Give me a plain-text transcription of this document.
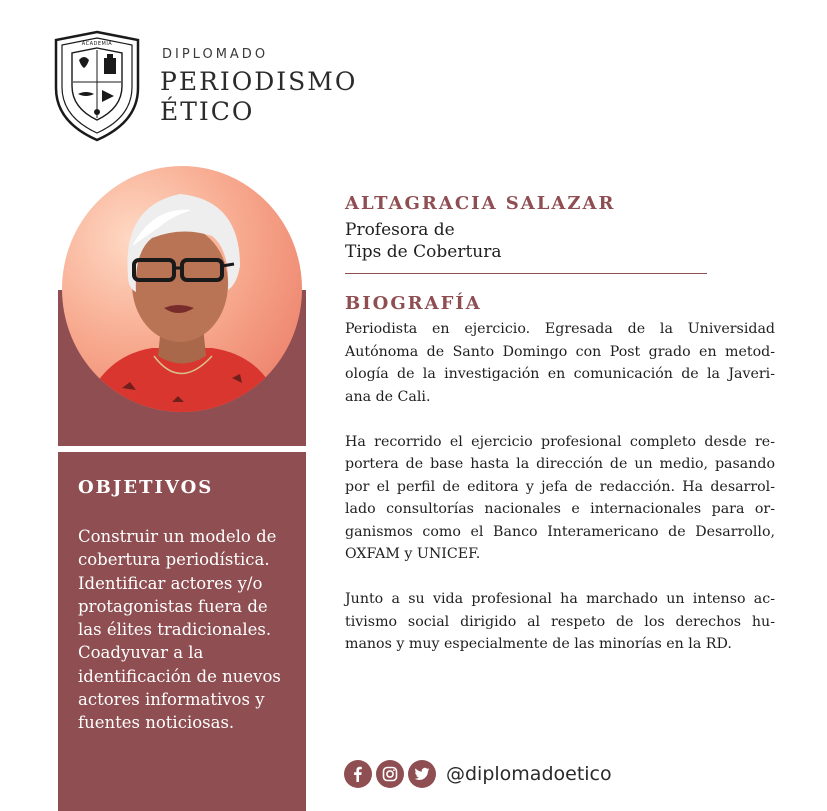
ACADEMIA
DIPLOMADO
PERIODISMO
ÉTICO
OBJETIVOS
Construir un modelo de
cobertura periodística.
Identificar actores y/o
protagonistas fuera de
las élites tradicionales.
Coadyuvar a la
identificación de nuevos
actores informativos y
fuentes noticiosas.
ALTAGRACIA SALAZAR
Profesora de
Tips de Cobertura
BIOGRAFÍA
Periodista en ejercicio. Egresada de la Universidad
Autónoma de Santo Domingo con Post grado en metod-
ología de la investigación en comunicación de la Javeri-
ana de Cali.
Ha recorrido el ejercicio profesional completo desde re-
portera de base hasta la dirección de un medio, pasando
por el perfil de editora y jefa de redacción. Ha desarrol-
lado consultorías nacionales e internacionales para or-
ganismos como el Banco Interamericano de Desarrollo,
OXFAM y UNICEF.
Junto a su vida profesional ha marchado un intenso ac-
tivismo social dirigido al respeto de los derechos hu-
manos y muy especialmente de las minorías en la RD.
@diplomadoetico
